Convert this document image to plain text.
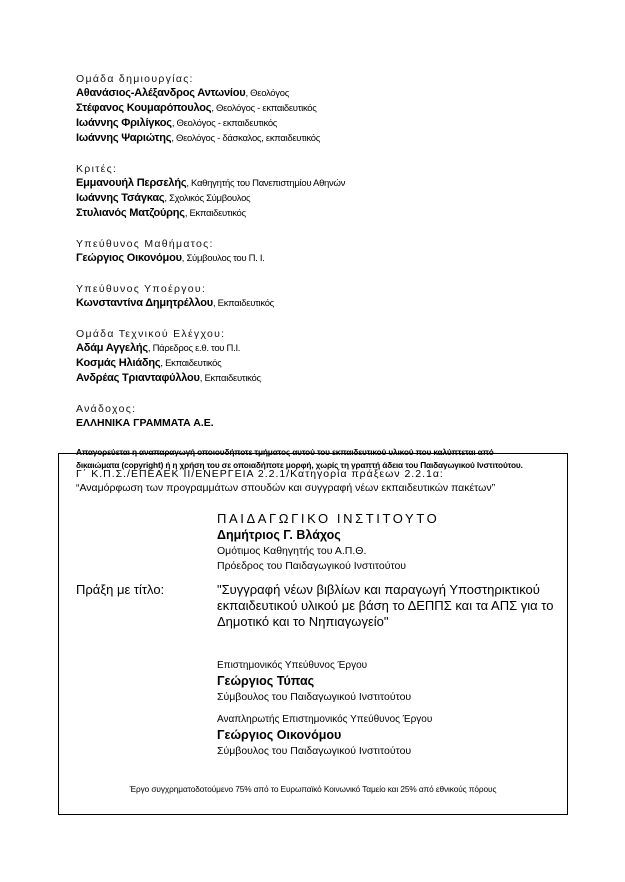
Ομάδα δημιουργίας:
Αθανάσιος-Αλέξανδρος Αντωνίου, Θεολόγος
Στέφανος Κουμαρόπουλος, Θεολόγος - εκπαιδευτικός
Ιωάννης Φριλίγκος, Θεολόγος - εκπαιδευτικός
Ιωάννης Ψαριώτης, Θεολόγος - δάσκαλος, εκπαιδευτικός
Κριτές:
Εμμανουήλ Περσελής, Καθηγητής του Πανεπιστημίου Αθηνών
Ιωάννης Τσάγκας, Σχολικός Σύμβουλος
Στυλιανός Ματζούρης, Εκπαιδευτικός
Υπεύθυνος Μαθήματος:
Γεώργιος Οικονόμου, Σύμβουλος του Π. Ι.
Υπεύθυνος Υποέργου:
Κωνσταντίνα Δημητρέλλου, Εκπαιδευτικός
Ομάδα Τεχνικού Ελέγχου:
Αδάμ Αγγελής, Πάρεδρος ε.θ. του Π.Ι.
Κοσμάς Ηλιάδης, Εκπαιδευτικός
Ανδρέας Τριανταφύλλου, Εκπαιδευτικός
Ανάδοχος:
ΕΛΛΗΝΙΚΑ ΓΡΑΜΜΑΤΑ Α.Ε.
Απαγορεύεται η αναπαραγωγή οποιουδήποτε τμήματος αυτού του εκπαιδευτικού υλικού που καλύπτεται από
δικαιώματα (copyright) ή η χρήση του σε οποιαδήποτε μορφή, χωρίς τη γραπτή άδεια του Παιδαγωγικού Ινστιτούτου.
Γ΄ Κ.Π.Σ./ΕΠΕΑΕΚ ΙΙ/ΕΝΕΡΓΕΙΑ 2.2.1/Κατηγορία πράξεων 2.2.1α:
“Αναμόρφωση των προγραμμάτων σπουδών και συγγραφή νέων εκπαιδευτικών πακέτων”
ΠΑΙΔΑΓΩΓΙΚΟ ΙΝΣΤΙΤΟΥΤΟ
Δημήτριος Γ. Βλάχος
Ομότιμος Καθηγητής του Α.Π.Θ.
Πρόεδρος του Παιδαγωγικού Ινστιτούτου
Πράξη με τίτλο:	"Συγγραφή νέων βιβλίων και παραγωγή Υποστηρικτικού εκπαιδευτικού υλικού με βάση το ΔΕΠΠΣ και τα ΑΠΣ για το Δημοτικό και το Νηπιαγωγείο"
Επιστημονικός Υπεύθυνος Έργου
Γεώργιος Τύπας
Σύμβουλος του Παιδαγωγικού Ινστιτούτου
Αναπληρωτής Επιστημονικός Υπεύθυνος Έργου
Γεώργιος Οικονόμου
Σύμβουλος του Παιδαγωγικού Ινστιτούτου
Έργο συγχρηματοδοτούμενο 75% από το Ευρωπαϊκό Κοινωνικό Ταμείο και 25% από εθνικούς πόρους
